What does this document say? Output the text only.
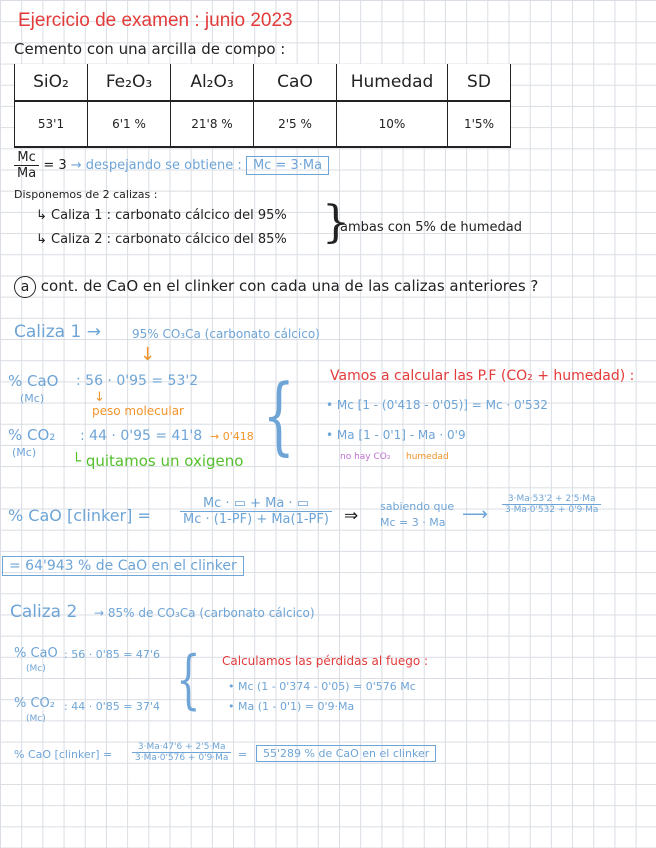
Ejercicio de examen : junio 2023
Cemento con una arcilla de compo :
SiO₂	Fe₂O₃	Al₂O₃	CaO	Humedad	SD
53'1	6'1 %	21'8 %	2'5 %	10%	1'5%
$\frac{Mc}{Ma} = 3$ → despejando se obtiene : Mc = 3·Ma
Disponemos de 2 calizas :
↳ Caliza 1 : carbonato cálcico del 95%
↳ Caliza 2 : carbonato cálcico del 85% }
ambas con 5% de humedad
a cont. de CaO en el clinker con cada una de las calizas anteriores ?
Caliza 1 →	95% CO₃Ca (carbonato cálcico)
↓
% CaO
(Mc)
: 56 · 0'95 = 53'2
↓
peso molecular
% CO₂
(Mc)
: 44 · 0'95 = 41'8 → 0'418
└ quitamos un oxigeno {	Vamos a calcular las P.F (CO₂ + humedad) :
• Mc [1 - (0'418 - 0'05)] = Mc · 0'532
• Ma [1 - 0'1] - Ma · 0'9
no hay CO₂ humedad
% CaO [clinker] = $\frac{Mc \cdot ▭ + Ma \cdot ▭}{Mc \cdot (1-PF) + Ma(1-PF)}$ ⇒ sabiendo que
Mc = 3 · Ma ⟶ $\frac{3\cdot Ma\cdot 53'2 + 2'5\cdot Ma}{3\cdot Ma\cdot 0'532 + 0'9\cdot Ma}$
= 64'943 % de CaO en el clinker
Caliza 2 → 85% de CO₃Ca (carbonato cálcico)
% CaO
(Mc)
: 56 · 0'85 = 47'6
% CO₂
(Mc)
: 44 · 0'85 = 37'4 { Calculamos las pérdidas al fuego :
• Mc (1 - 0'374 - 0'05) = 0'576 Mc
• Ma (1 - 0'1) = 0'9·Ma
% CaO [clinker] = $\frac{3\cdot Ma\cdot 47'6 + 2'5\cdot Ma}{3\cdot Ma\cdot 0'576 + 0'9\cdot Ma}$ =	55'289 % de CaO en el clinker
